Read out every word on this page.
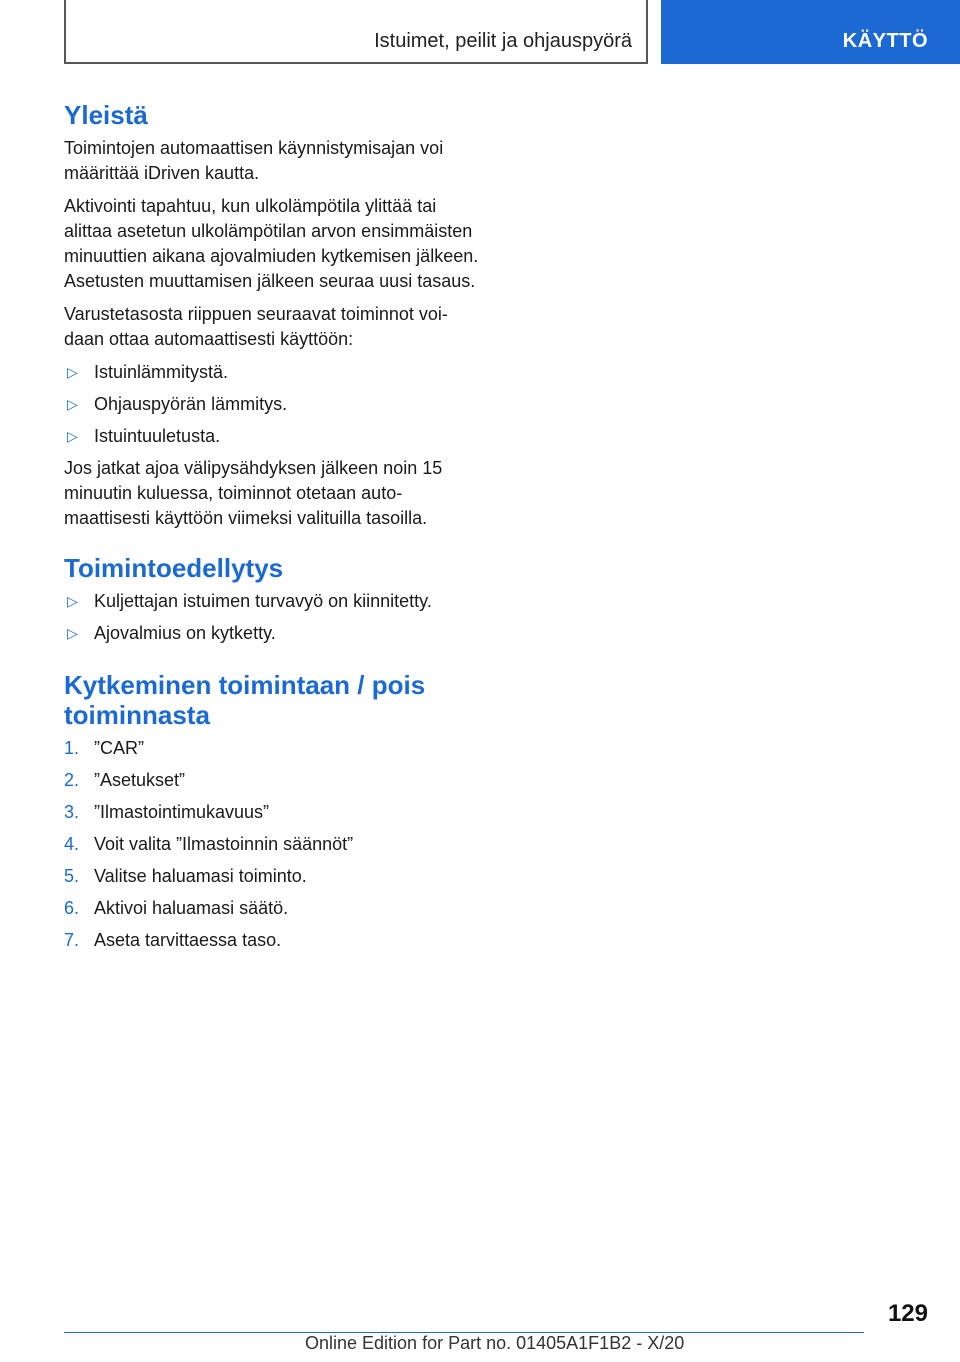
Istuimet, peilit ja ohjauspyörä	KÄYTTÖ
Yleistä

Toimintojen automaattisen käynnistymisajan voi määrittää iDriven kautta.

Aktivointi tapahtuu, kun ulkolämpötila ylittää tai alittaa asetetun ulkolämpötilan arvon ensimmäisten minuuttien aikana ajovalmiuden kytkemisen jälkeen. Asetusten muuttamisen jälkeen seuraa uusi tasaus.

Varustetasosta riippuen seuraavat toiminnot voidaan ottaa automaattisesti käyttöön:

▷ Istuinlämmitystä.
▷ Ohjauspyörän lämmitys.
▷ Istuintuuletusta.

Jos jatkat ajoa välipysähdyksen jälkeen noin 15 minuutin kuluessa, toiminnot otetaan automaattisesti käyttöön viimeksi valituilla tasoilla.

Toimintoedellytys
▷ Kuljettajan istuimen turvavyö on kiinnitetty.
▷ Ajovalmius on kytketty.
Kytkeminen toimintaan / pois toiminnasta
1. ”CAR”
2. ”Asetukset”
3. ”Ilmastointimukavuus”
4. Voit valita ”Ilmastoinnin säännöt”
5. Valitse haluamasi toiminto.
6. Aktivoi haluamasi säätö.
7. Aseta tarvittaessa taso.
129
Online Edition for Part no. 01405A1F1B2 - X/20
